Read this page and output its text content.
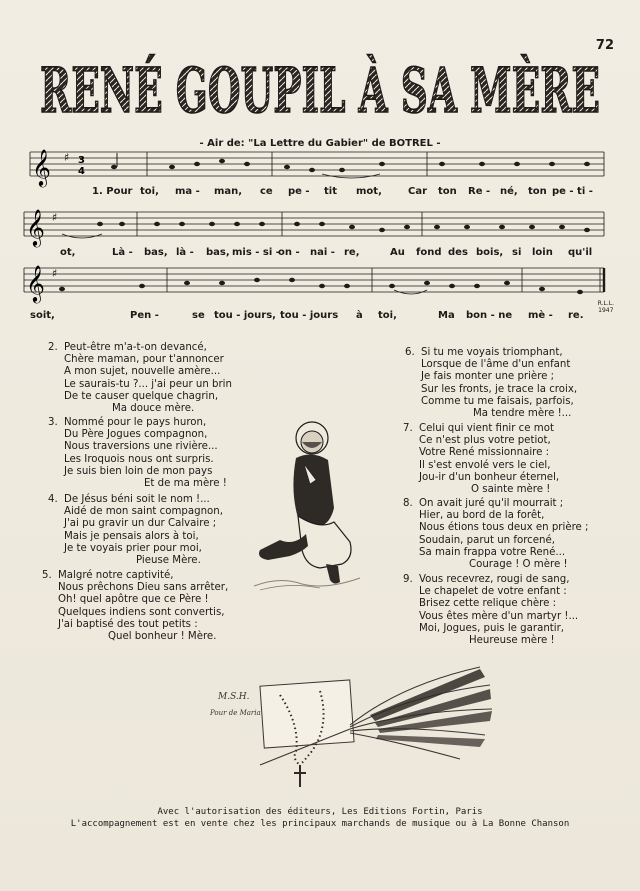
72
RENÉ GOUPIL À SA MÈRE
- Air de: "La Lettre du Gabier" de BOTREL -
𝄞 ♯ 3
4
1. Pour toi, ma - man, ce pe - tit mot,	Car ton Re - né, ton pe - ti -
𝄞 ♯
ot,	Là - bas, là - bas, mis - si -
on - nai - re,	Au fond des bois, si loin qu'il
𝄞 ♯
soit,	Pen -	se tou - jours, tou - jours à toi,	Ma bon - ne mè - re.
R.L.L.
1947
2. Peut-être m'a-t-on devancé,
Chère maman, pour t'annoncer
A mon sujet, nouvelle amère...
Le saurais-tu ?... j'ai peur un brin
De te causer quelque chagrin,
Ma douce mère.
3. Nommé pour le pays huron,
Du Père Jogues compagnon,
Nous traversions une rivière...
Les Iroquois nous ont surpris.
Je suis bien loin de mon pays
Et de ma mère !
4. De Jésus béni soit le nom !...
Aidé de mon saint compagnon,
J'ai pu gravir un dur Calvaire ;
Mais je pensais alors à toi,
Je te voyais prier pour moi,
Pieuse Mère.
5. Malgré notre captivité,
Nous prêchons Dieu sans arrêter,
Oh! quel apôtre que ce Père !
Quelques indiens sont convertis,
J'ai baptisé des tout petits :
Quel bonheur ! Mère.
6. Si tu me voyais triomphant,
Lorsque de l'âme d'un enfant
Je fais monter une prière ;
Sur les fronts, je trace la croix,
Comme tu me faisais, parfois,
Ma tendre mère !...
7. Celui qui vient finir ce mot
Ce n'est plus votre petiot,
Votre René missionnaire :
Il s'est envolé vers le ciel,
Jou-ir d'un bonheur éternel,
O sainte mère !
8. On avait juré qu'il mourrait ;
Hier, au bord de la forêt,
Nous étions tous deux en prière ;
Soudain, parut un forcené,
Sa main frappa votre René...
Courage ! O mère !
9. Vous recevrez, rougi de sang,
Le chapelet de votre enfant :
Brisez cette relique chère :
Vous êtes mère d'un martyr !...
Moi, Jogues, puis le garantir,
Heureuse mère !
M.S.H.
Pour de Maria
Avec l'autorisation des éditeurs, Les Editions Fortin, Paris
L'accompagnement est en vente chez les principaux marchands de musique ou à La Bonne Chanson
